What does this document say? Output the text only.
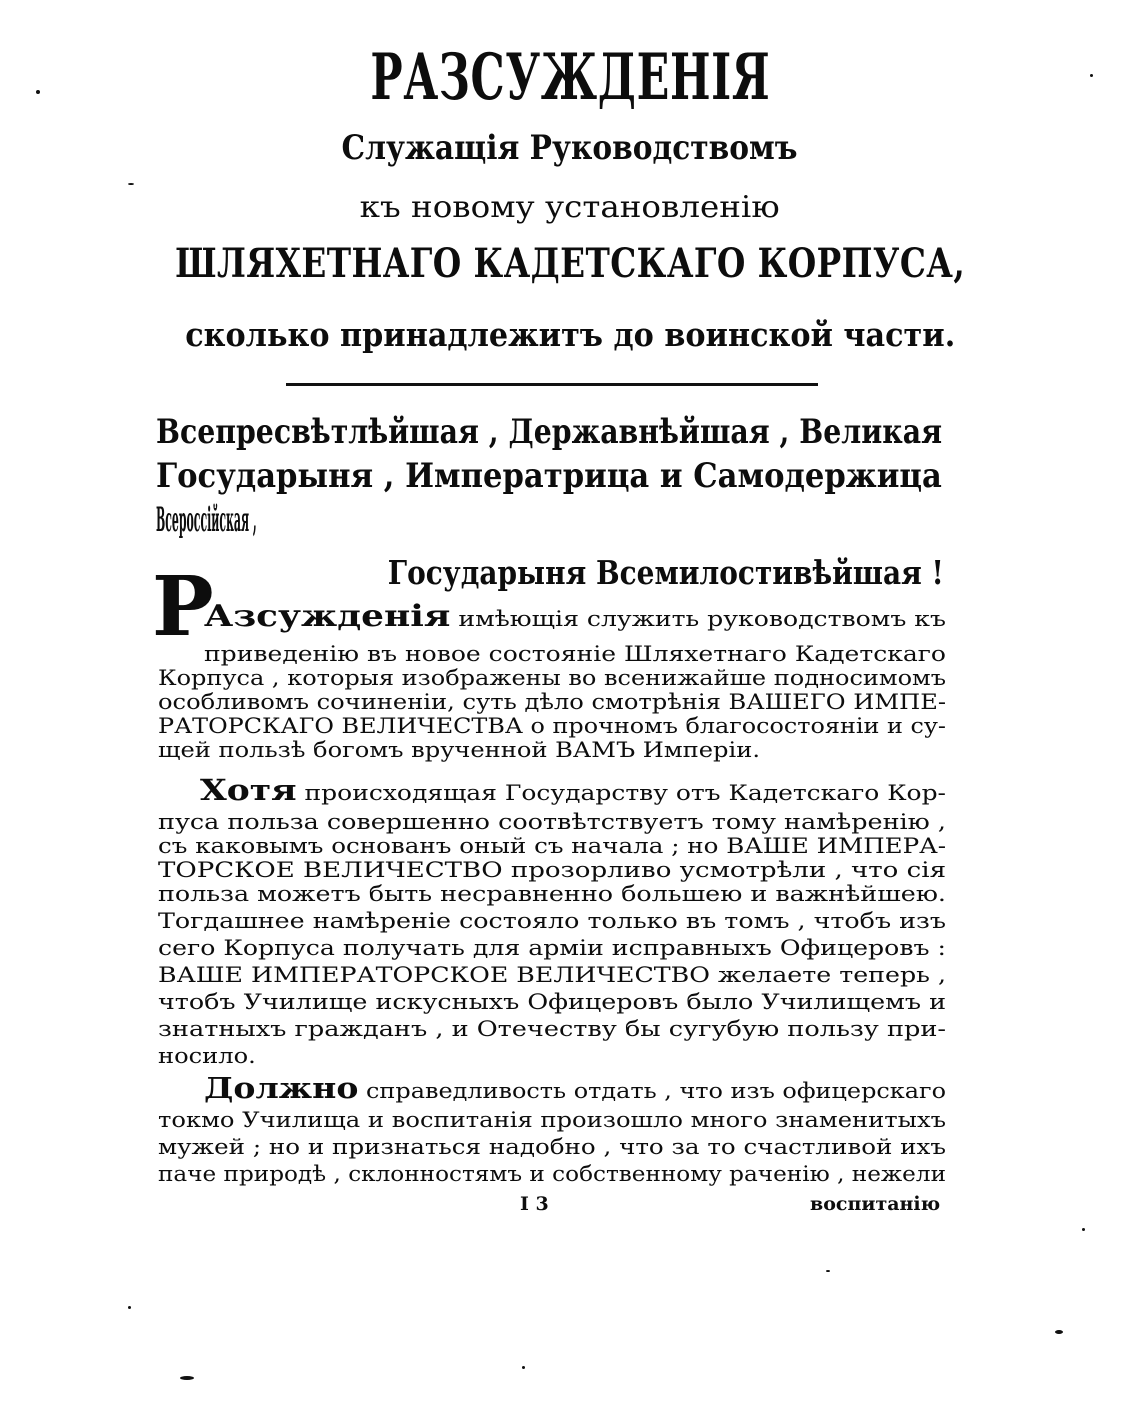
РАЗСУЖДЕНІЯ
Служащія Руководствомъ
къ новому установленію
ШЛЯХЕТНАГО КАДЕТСКАГО КОРПУСА,
сколько принадлежитъ до воинской части.
Всепресвѣтлѣйшая , Державнѣйшая , Великая
Государыня , Императрица и Самодержица
Всероссійская ,
Государыня Всемилостивѣйшая !
Р
Азсужденія имѣющія служить руководствомъ къ
приведенію въ новое состояніе Шляхетнаго Кадетскаго
Корпуса , которыя изображены во всенижайше подносимомъ
особливомъ сочиненіи, суть дѣло смотрѣнія ВАШЕГО ИМПЕ-
РАТОРСКАГО ВЕЛИЧЕСТВА о прочномъ благосостояніи и су-
щей пользѣ богомъ врученной ВАМЪ Имперіи.
Хотя происходящая Государству отъ Кадетскаго Кор-
пуса польза совершенно соотвѣтствуетъ тому намѣренію ,
съ каковымъ основанъ оный съ начала ; но ВАШЕ ИМПЕРА-
ТОРСКОЕ ВЕЛИЧЕСТВО прозорливо усмотрѣли , что сія
польза можетъ быть несравненно большею и важнѣйшею.
Тогдашнее намѣреніе состояло только въ томъ , чтобъ изъ
сего Корпуса получать для арміи исправныхъ Офицеровъ :
ВАШЕ ИМПЕРАТОРСКОЕ ВЕЛИЧЕСТВО желаете теперь ,
чтобъ Училище искусныхъ Офицеровъ было Училищемъ и
знатныхъ гражданъ , и Отечеству бы сугубую пользу при-
носило.
Должно справедливость отдать , что изъ офицерскаго
токмо Училища и воспитанія произошло много знаменитыхъ
мужей ; но и признаться надобно , что за то счастливой ихъ
паче природѣ , склонностямъ и собственному раченію , нежели
I 3	воспитанію
